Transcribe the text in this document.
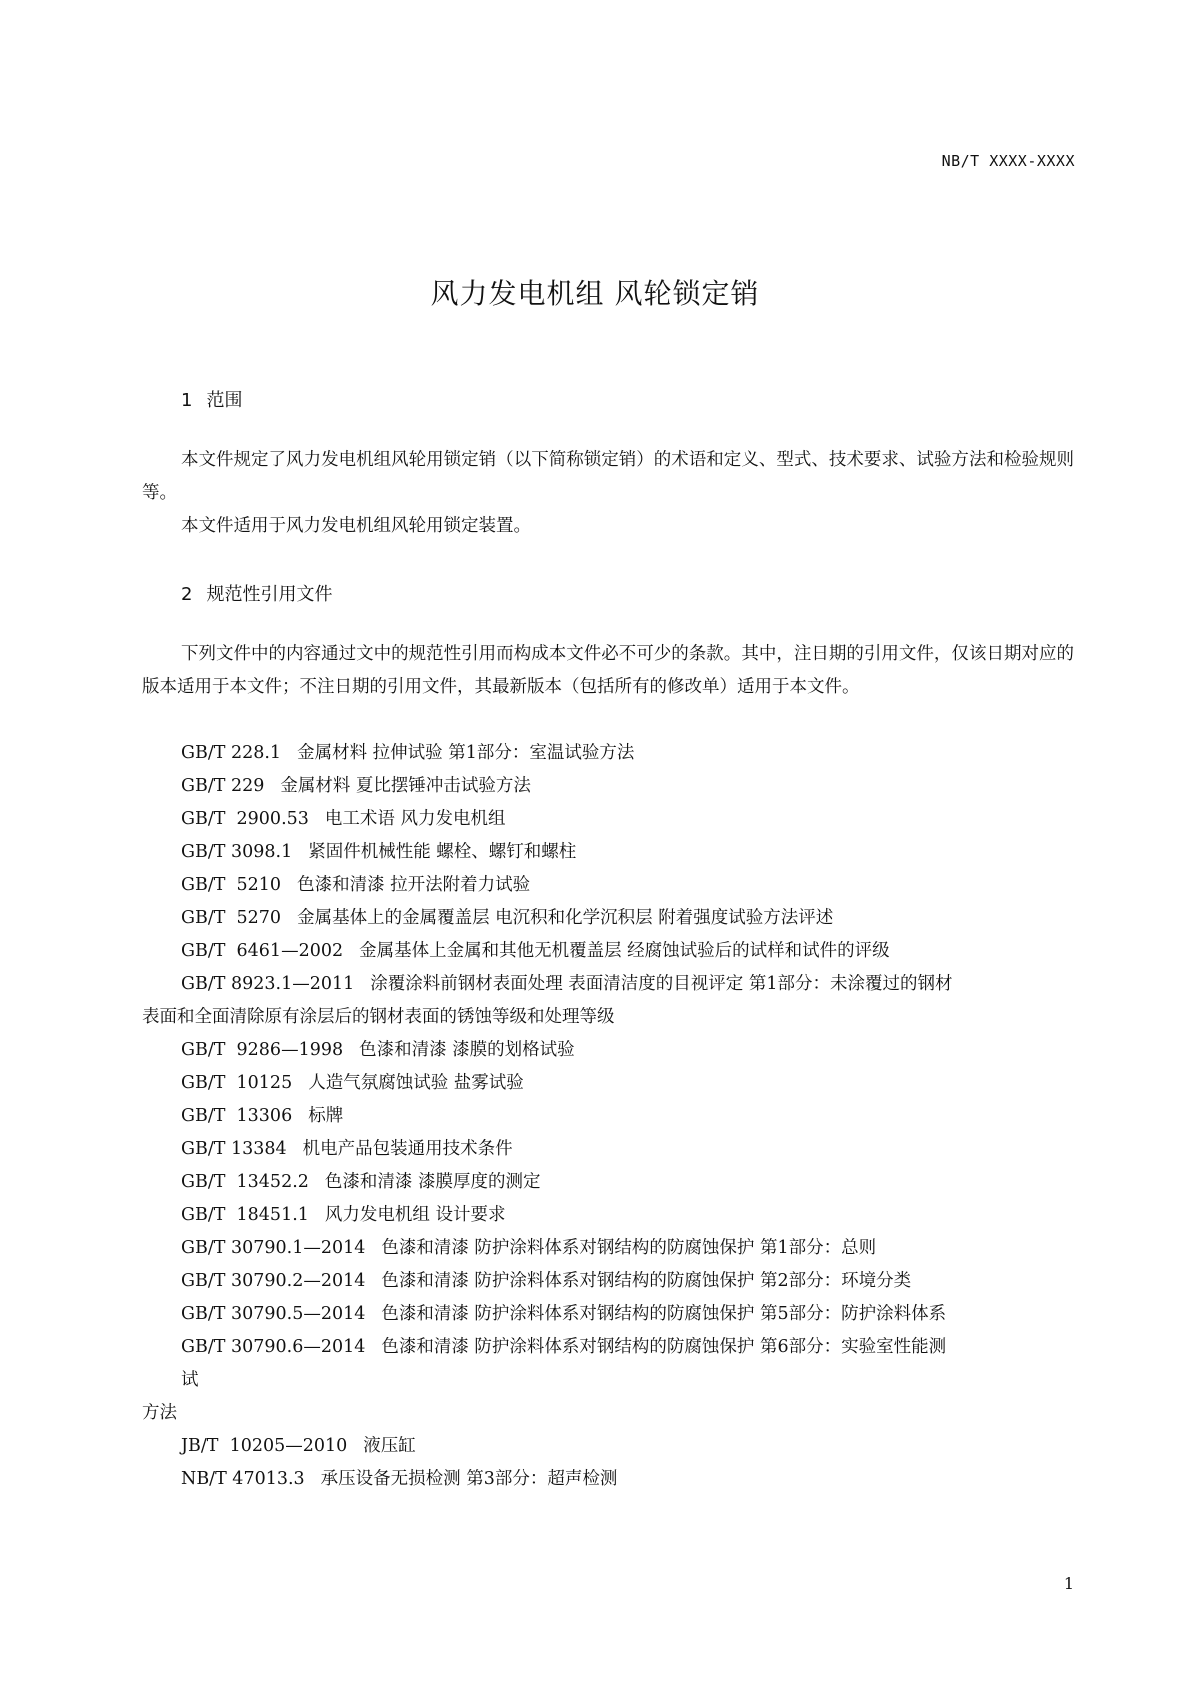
NB/T XXXX-XXXX
风力发电机组 风轮锁定销
1 范围

本文件规定了风力发电机组风轮用锁定销（以下简称锁定销）的术语和定义、型式、技术要求、试验方法和检验规则等。

本文件适用于风力发电机组风轮用锁定装置。

2 规范性引用文件

下列文件中的内容通过文中的规范性引用而构成本文件必不可少的条款。其中，注日期的引用文件，仅该日期对应的版本适用于本文件；不注日期的引用文件，其最新版本（包括所有的修改单）适用于本文件。

GB/T 228.1 金属材料 拉伸试验 第1部分：室温试验方法
GB/T 229 金属材料 夏比摆锤冲击试验方法
GB/T  2900.53 电工术语 风力发电机组
GB/T 3098.1 紧固件机械性能 螺栓、螺钉和螺柱
GB/T  5210 色漆和清漆 拉开法附着力试验
GB/T  5270 金属基体上的金属覆盖层 电沉积和化学沉积层 附着强度试验方法评述
GB/T  6461—2002 金属基体上金属和其他无机覆盖层 经腐蚀试验后的试样和试件的评级
GB/T 8923.1—2011 涂覆涂料前钢材表面处理 表面清洁度的目视评定 第1部分：未涂覆过的钢材
表面和全面清除原有涂层后的钢材表面的锈蚀等级和处理等级
GB/T  9286—1998 色漆和清漆 漆膜的划格试验
GB/T  10125 人造气氛腐蚀试验 盐雾试验
GB/T  13306 标牌
GB/T 13384 机电产品包装通用技术条件
GB/T  13452.2 色漆和清漆 漆膜厚度的测定
GB/T  18451.1 风力发电机组 设计要求
GB/T 30790.1—2014 色漆和清漆 防护涂料体系对钢结构的防腐蚀保护 第1部分：总则
GB/T 30790.2—2014 色漆和清漆 防护涂料体系对钢结构的防腐蚀保护 第2部分：环境分类
GB/T 30790.5—2014 色漆和清漆 防护涂料体系对钢结构的防腐蚀保护 第5部分：防护涂料体系
GB/T 30790.6—2014 色漆和清漆 防护涂料体系对钢结构的防腐蚀保护 第6部分：实验室性能测
试
方法
JB/T  10205—2010 液压缸
NB/T 47013.3 承压设备无损检测 第3部分：超声检测
1
